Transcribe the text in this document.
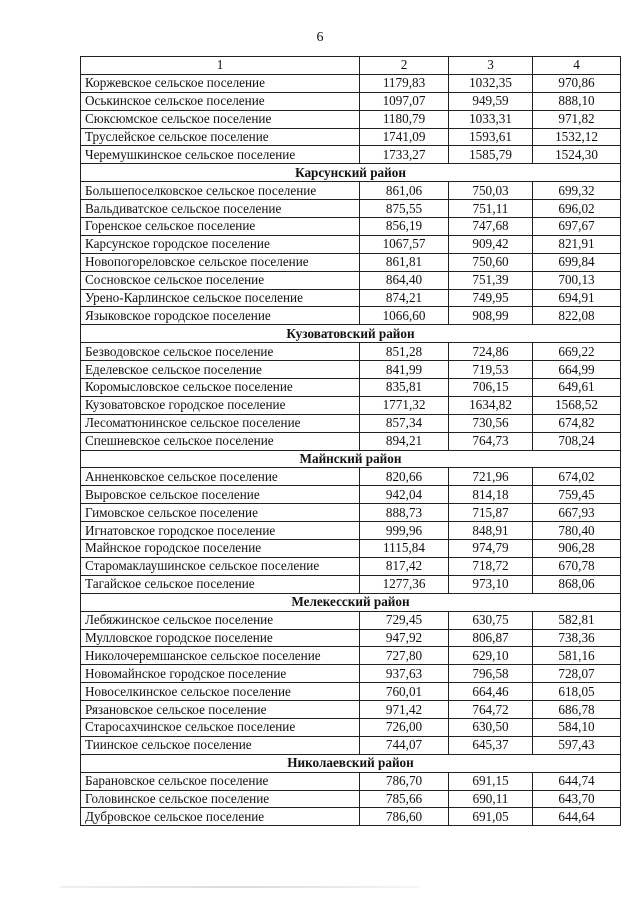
6
1	2	3	4
Коржевское сельское поселение	1179,83	1032,35	970,86
Оськинское сельское поселение	1097,07	949,59	888,10
Сюксюмское сельское поселение	1180,79	1033,31	971,82
Труслейское сельское поселение	1741,09	1593,61	1532,12
Черемушкинское сельское поселение	1733,27	1585,79	1524,30
Карсунский район			
Большепоселковское сельское поселение	861,06	750,03	699,32
Вальдиватское сельское поселение	875,55	751,11	696,02
Горенское сельское поселение	856,19	747,68	697,67
Карсунское городское поселение	1067,57	909,42	821,91
Новопогореловское сельское поселение	861,81	750,60	699,84
Сосновское сельское поселение	864,40	751,39	700,13
Урено-Карлинское сельское поселение	874,21	749,95	694,91
Языковское городское поселение	1066,60	908,99	822,08
Кузоватовский район			
Безводовское сельское поселение	851,28	724,86	669,22
Еделевское сельское поселение	841,99	719,53	664,99
Коромысловское сельское поселение	835,81	706,15	649,61
Кузоватовское городское поселение	1771,32	1634,82	1568,52
Лесоматюнинское сельское поселение	857,34	730,56	674,82
Спешневское сельское поселение	894,21	764,73	708,24
Майнский район			
Анненковское сельское поселение	820,66	721,96	674,02
Выровское сельское поселение	942,04	814,18	759,45
Гимовское сельское поселение	888,73	715,87	667,93
Игнатовское городское поселение	999,96	848,91	780,40
Майнское городское поселение	1115,84	974,79	906,28
Старомаклаушинское сельское поселение	817,42	718,72	670,78
Тагайское сельское поселение	1277,36	973,10	868,06
Мелекесский район			
Лебяжинское сельское поселение	729,45	630,75	582,81
Мулловское городское поселение	947,92	806,87	738,36
Николочеремшанское сельское поселение	727,80	629,10	581,16
Новомайнское городское поселение	937,63	796,58	728,07
Новоселкинское сельское поселение	760,01	664,46	618,05
Рязановское сельское поселение	971,42	764,72	686,78
Старосахчинское сельское поселение	726,00	630,50	584,10
Тиинское сельское поселение	744,07	645,37	597,43
Николаевский район			
Барановское сельское поселение	786,70	691,15	644,74
Головинское сельское поселение	785,66	690,11	643,70
Дубровское сельское поселение	786,60	691,05	644,64
